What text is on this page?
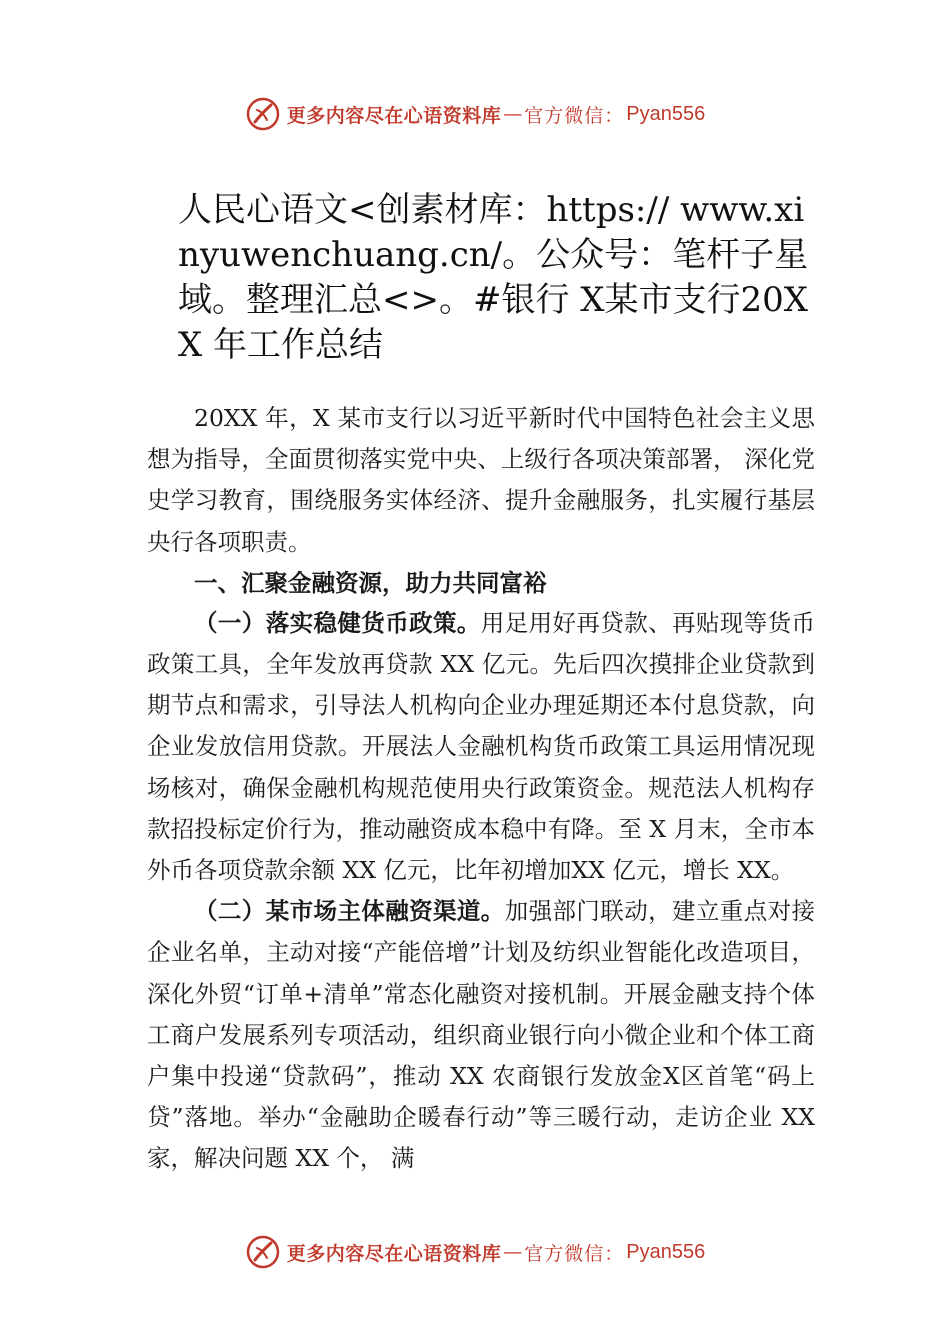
更多内容尽在心语资料库 — 官方微信： Pyan556
人民心语文<创素材库：https:// www.xinyuwenchuang.cn/。公众号：笔杆子星域。整理汇总<>。#银行 X某市支行20XX 年工作总结

20XX 年，X 某市支行以习近平新时代中国特色社会主义思想为指导，全面贯彻落实党中央、上级行各项决策部署， 深化党史学习教育，围绕服务实体经济、提升金融服务，扎实履行基层央行各项职责。

一、汇聚金融资源，助力共同富裕

（一）落实稳健货币政策。用足用好再贷款、再贴现等货币政策工具，全年发放再贷款 XX 亿元。先后四次摸排企业贷款到期节点和需求，引导法人机构向企业办理延期还本付息贷款，向企业发放信用贷款。开展法人金融机构货币政策工具运用情况现场核对，确保金融机构规范使用央行政策资金。规范法人机构存款招投标定价行为，推动融资成本稳中有降。至 X 月末，全市本外币各项贷款余额 XX 亿元，比年初增加XX 亿元，增长 XX。

（二）某市场主体融资渠道。加强部门联动，建立重点对接企业名单，主动对接“产能倍增”计划及纺织业智能化改造项目，深化外贸“订单+清单”常态化融资对接机制。开展金融支持个体工商户发展系列专项活动，组织商业银行向小微企业和个体工商户集中投递“贷款码”，推动 XX 农商银行发放金X区首笔“码上贷”落地。举办“金融助企暖春行动”等三暖行动，走访企业 XX 家，解决问题 XX 个， 满

更多内容尽在心语资料库 — 官方微信： Pyan556
